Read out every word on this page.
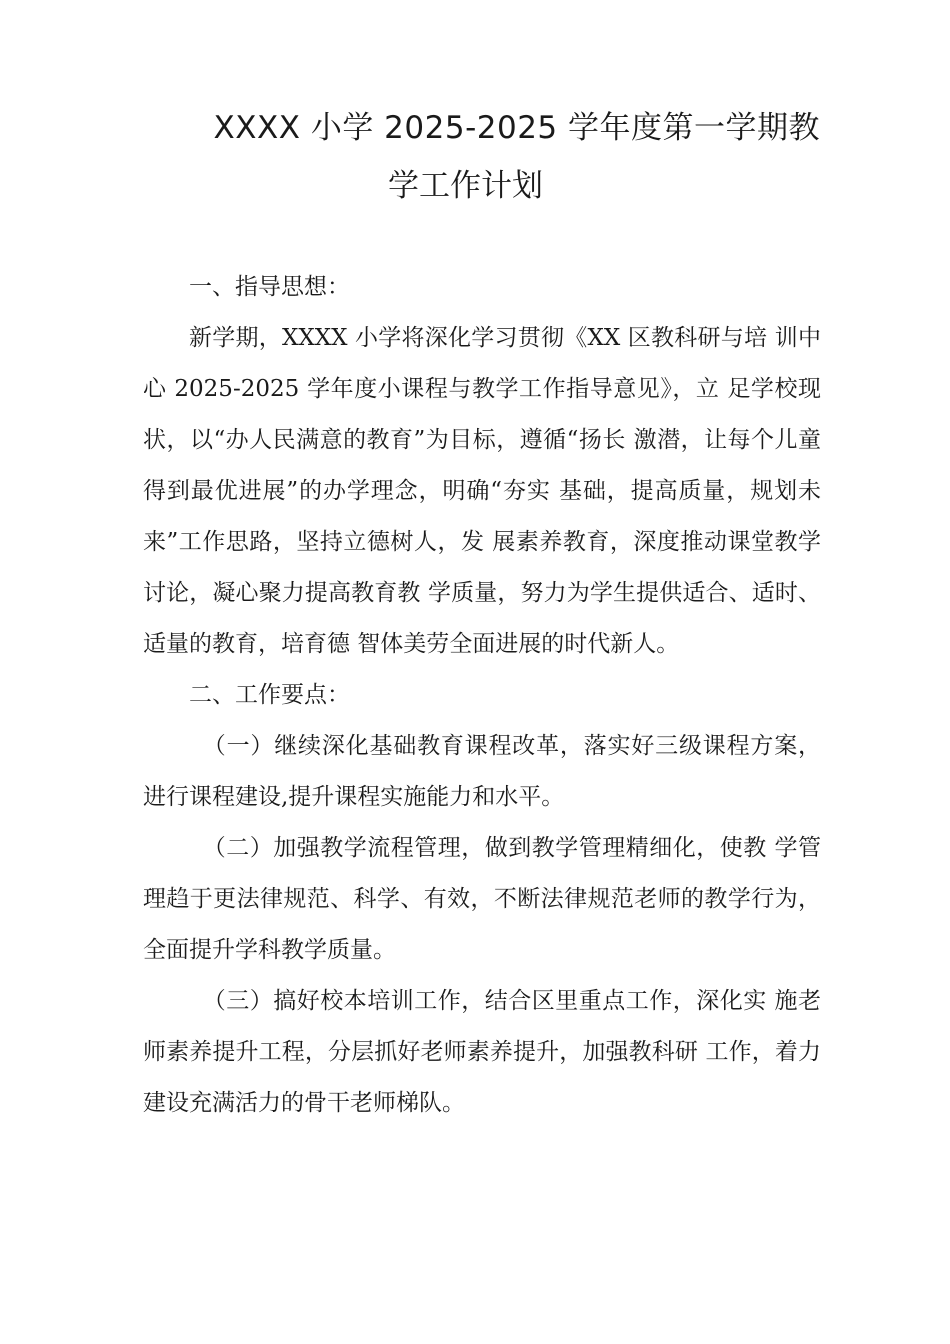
XXXX 小学 2025-2025 学年度第一学期教
学工作计划

一、指导思想：

新学期，XXXX 小学将深化学习贯彻《XX 区教科研与培 训中心 2025-2025 学年度小课程与教学工作指导意见》，立 足学校现状，以“办人民满意的教育”为目标，遵循“扬长 激潜，让每个儿童得到最优进展”的办学理念，明确“夯实 基础，提高质量，规划未来”工作思路，坚持立德树人，发 展素养教育，深度推动课堂教学讨论，凝心聚力提高教育教 学质量，努力为学生提供适合、适时、适量的教育，培育德 智体美劳全面进展的时代新人。

二、工作要点：

（一）继续深化基础教育课程改革，落实好三级课程方案，进行课程建设,提升课程实施能力和水平。

（二）加强教学流程管理，做到教学管理精细化，使教 学管理趋于更法律规范、科学、有效，不断法律规范老师的教学行为， 全面提升学科教学质量。

（三）搞好校本培训工作，结合区里重点工作，深化实 施老师素养提升工程，分层抓好老师素养提升，加强教科研 工作，着力建设充满活力的骨干老师梯队。
